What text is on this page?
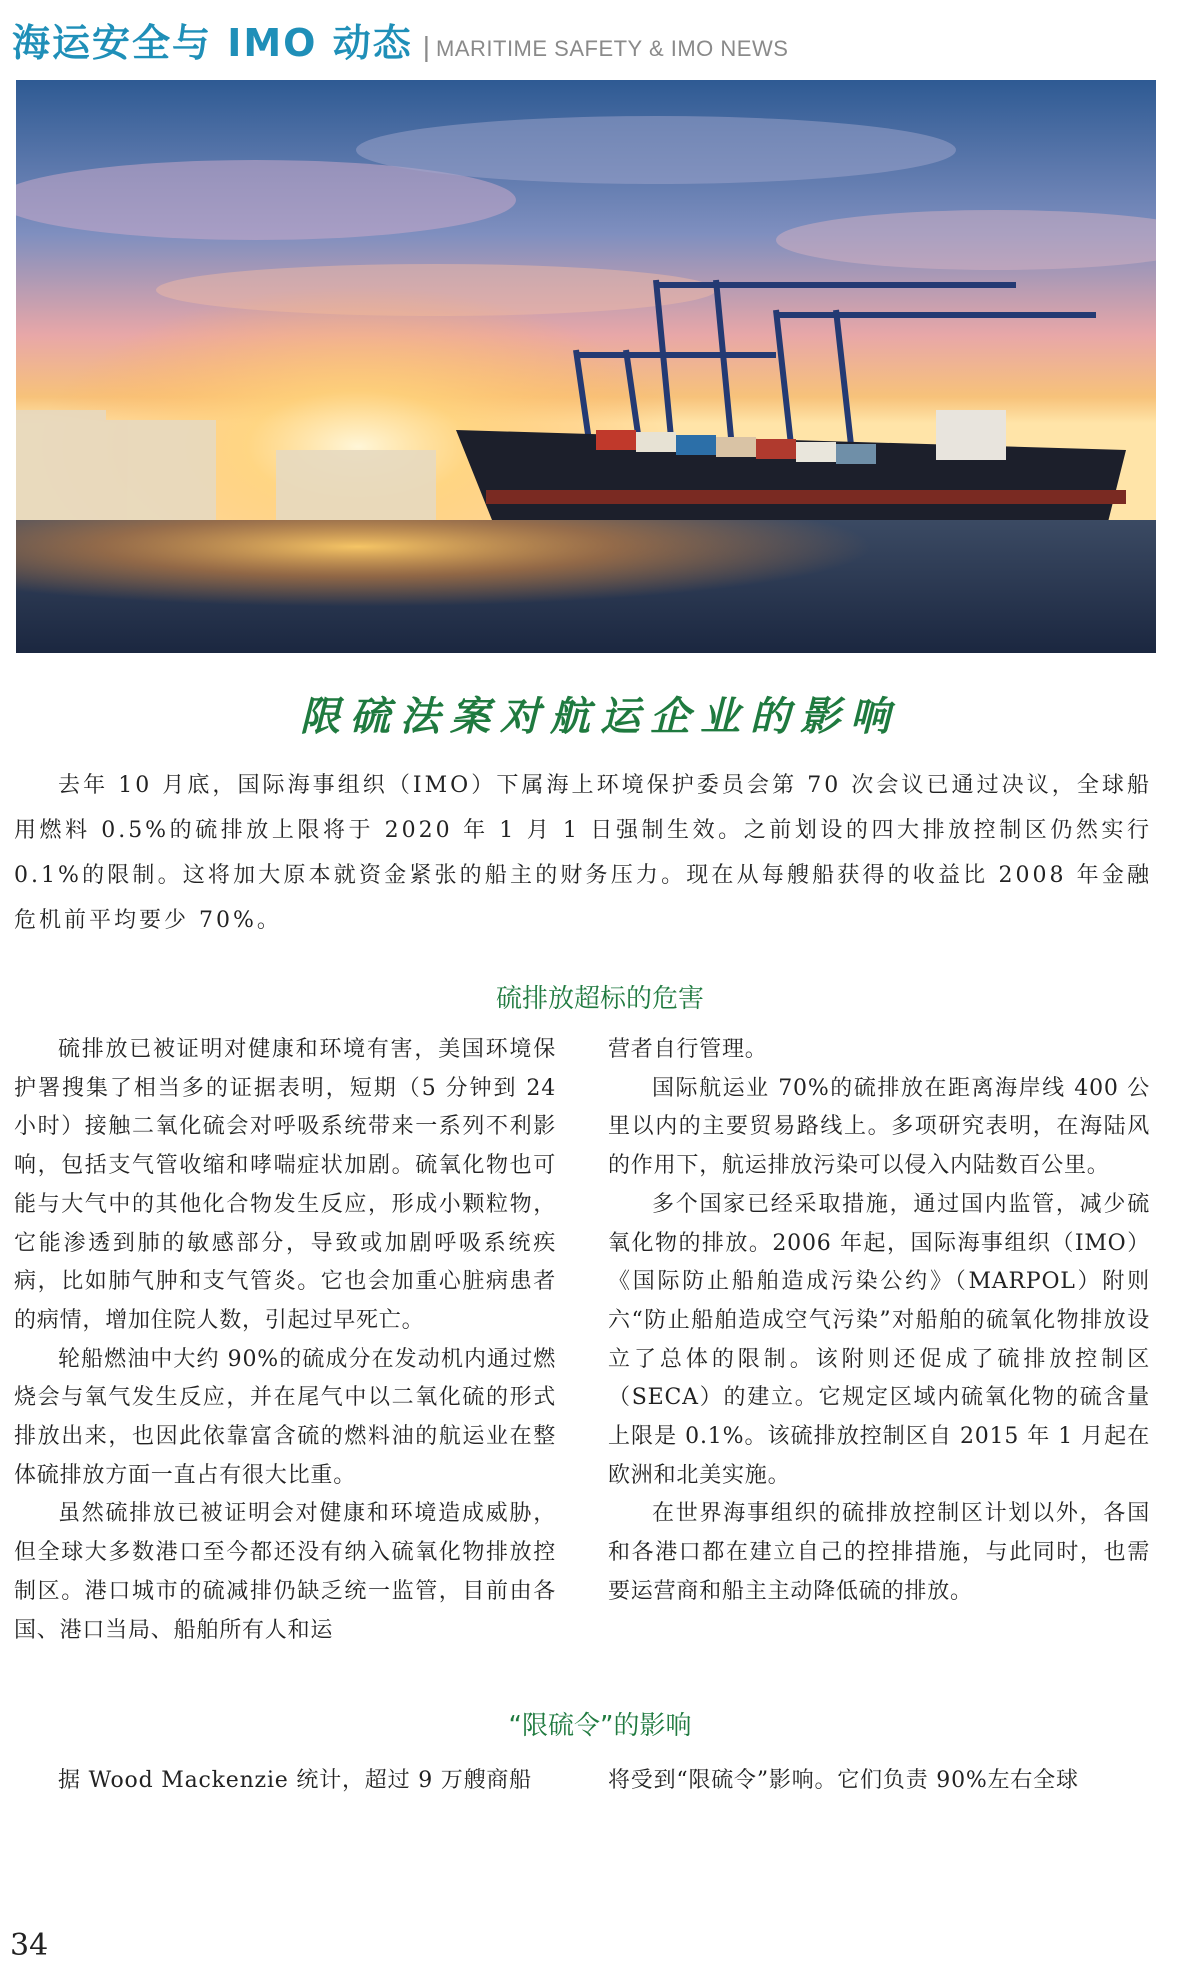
海运安全与 IMO 动态 | MARITIME SAFETY & IMO NEWS
限硫法案对航运企业的影响

去年 10 月底，国际海事组织（IMO）下属海上环境保护委员会第 70 次会议已通过决议，全球船用燃料 0.5%的硫排放上限将于 2020 年 1 月 1 日强制生效。之前划设的四大排放控制区仍然实行 0.1%的限制。这将加大原本就资金紧张的船主的财务压力。现在从每艘船获得的收益比 2008 年金融危机前平均要少 70%。

硫排放超标的危害

硫排放已被证明对健康和环境有害，美国环境保护署搜集了相当多的证据表明，短期（5 分钟到 24 小时）接触二氧化硫会对呼吸系统带来一系列不利影响，包括支气管收缩和哮喘症状加剧。硫氧化物也可能与大气中的其他化合物发生反应，形成小颗粒物，它能渗透到肺的敏感部分，导致或加剧呼吸系统疾病，比如肺气肿和支气管炎。它也会加重心脏病患者的病情，增加住院人数，引起过早死亡。

轮船燃油中大约 90%的硫成分在发动机内通过燃烧会与氧气发生反应，并在尾气中以二氧化硫的形式排放出来，也因此依靠富含硫的燃料油的航运业在整体硫排放方面一直占有很大比重。

虽然硫排放已被证明会对健康和环境造成威胁，但全球大多数港口至今都还没有纳入硫氧化物排放控制区。港口城市的硫减排仍缺乏统一监管，目前由各国、港口当局、船舶所有人和运

营者自行管理。

国际航运业 70%的硫排放在距离海岸线 400 公里以内的主要贸易路线上。多项研究表明，在海陆风的作用下，航运排放污染可以侵入内陆数百公里。

多个国家已经采取措施，通过国内监管，减少硫氧化物的排放。2006 年起，国际海事组织（IMO）《国际防止船舶造成污染公约》（MARPOL）附则六“防止船舶造成空气污染”对船舶的硫氧化物排放设立了总体的限制。该附则还促成了硫排放控制区（SECA）的建立。它规定区域内硫氧化物的硫含量上限是 0.1%。该硫排放控制区自 2015 年 1 月起在欧洲和北美实施。

在世界海事组织的硫排放控制区计划以外，各国和各港口都在建立自己的控排措施，与此同时，也需要运营商和船主主动降低硫的排放。

“限硫令”的影响

据 Wood Mackenzie 统计，超过 9 万艘商船	将受到“限硫令”影响。它们负责 90%左右全球

34
